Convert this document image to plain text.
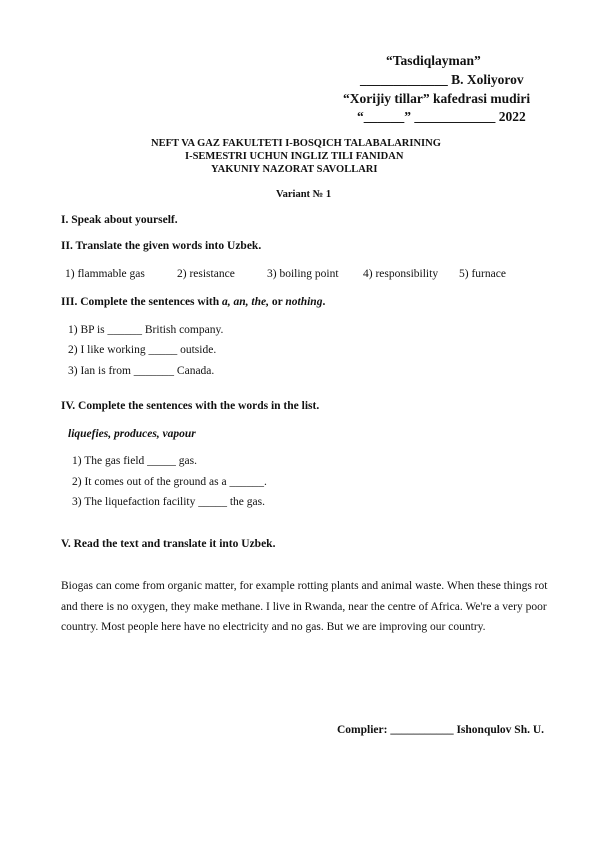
“Tasdiqlayman”
_____________ B. Xoliyorov
“Xorijiy tillar” kafedrasi mudiri
“______” ____________ 2022
NEFT VA GAZ FAKULTETI I-BOSQICH TALABALARINING
I-SEMESTRI UCHUN INGLIZ TILI FANIDAN
YAKUNIY NAZORAT SAVOLLARI
Variant № 1
I. Speak about yourself.
II. Translate the given words into Uzbek.
1) flammable gas	2) resistance	3) boiling point 4) responsibility 5) furnace
III. Complete the sentences with a, an, the, or nothing.
1) BP is ______ British company.
2) I like working _____ outside.
3) Ian is from _______ Canada.
IV. Complete the sentences with the words in the list.
liquefies, produces, vapour
1) The gas field _____ gas.
2) It comes out of the ground as a ______.
3) The liquefaction facility _____ the gas.
V. Read the text and translate it into Uzbek.
Biogas can come from organic matter, for example rotting plants and animal waste. When these things rot and there is no oxygen, they make methane. I live in Rwanda, near the centre of Africa. We're a very poor country. Most people here have no electricity and no gas. But we are improving our country.
Complier: ___________ Ishonqulov Sh. U.
